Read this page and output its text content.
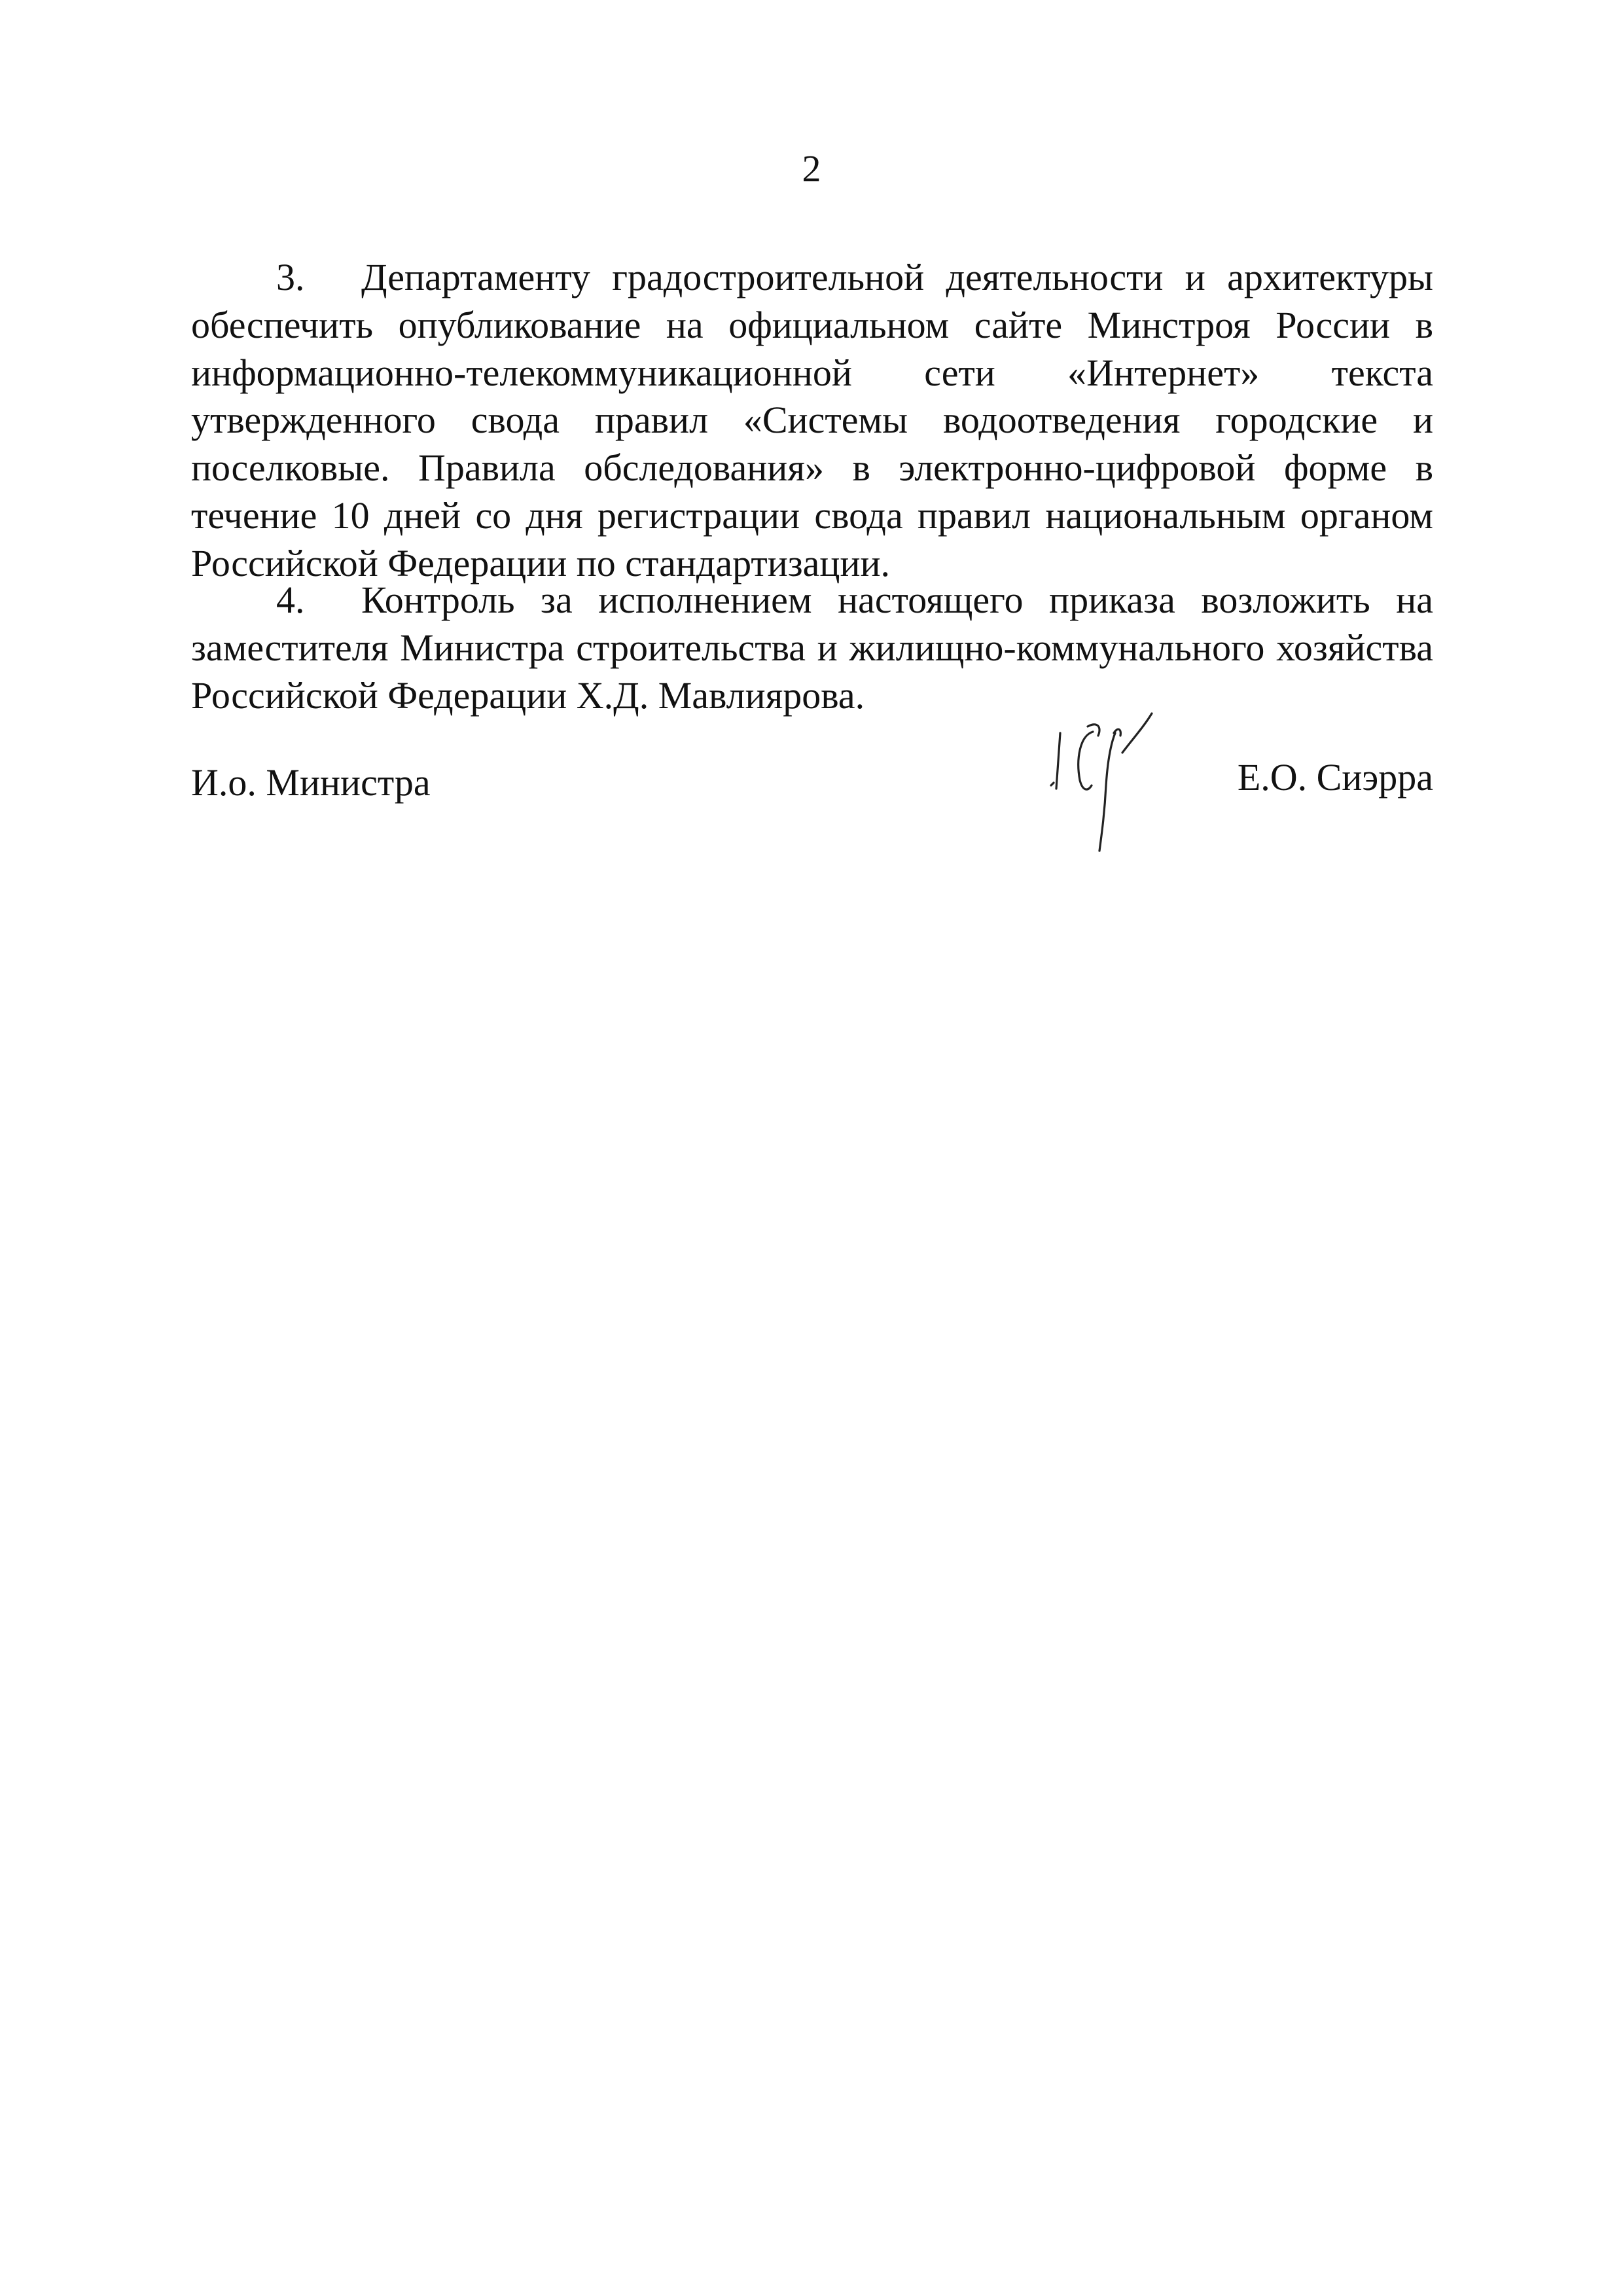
2

3. Департаменту градостроительной деятельности и архитектуры обеспечить опубликование на официальном сайте Минстроя России в информационно-телекоммуникационной сети «Интернет» текста утвержденного свода правил «Системы водоотведения городские и поселковые. Правила обследования» в электронно-цифровой форме в течение 10 дней со дня регистрации свода правил национальным органом Российской Федерации по стандартизации.

4. Контроль за исполнением настоящего приказа возложить на заместителя Министра строительства и жилищно-коммунального хозяйства Российской Федерации Х.Д. Мавлиярова.

И.о. Министра	Е.О. Сиэрра
